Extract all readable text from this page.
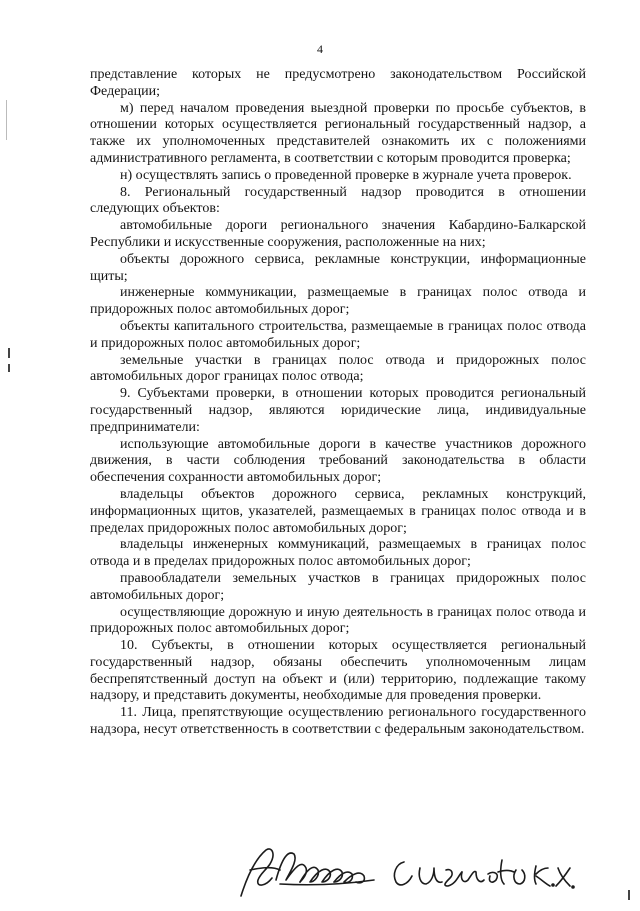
4

представление которых не предусмотрено законодательством Российской Федерации;

м) перед началом проведения выездной проверки по просьбе субъектов, в отношении которых осуществляется региональный государственный надзор, а также их уполномоченных представителей ознакомить их с положениями административного регламента, в соответствии с которым проводится проверка;

н) осуществлять запись о проведенной проверке в журнале учета проверок.

8. Региональный государственный надзор проводится в отношении следующих объектов:

автомобильные дороги регионального значения Кабардино-Балкарской Республики и искусственные сооружения, расположенные на них;

объекты дорожного сервиса, рекламные конструкции, информационные щиты;

инженерные коммуникации, размещаемые в границах полос отвода и придорожных полос автомобильных дорог;

объекты капитального строительства, размещаемые в границах полос отвода и придорожных полос автомобильных дорог;

земельные участки в границах полос отвода и придорожных полос автомобильных дорог границах полос отвода;

9. Субъектами проверки, в отношении которых проводится региональный государственный надзор, являются юридические лица, индивидуальные предприниматели:

использующие автомобильные дороги в качестве участников дорожного движения, в части соблюдения требований законодательства в области обеспечения сохранности автомобильных дорог;

владельцы объектов дорожного сервиса, рекламных конструкций, информационных щитов, указателей, размещаемых в границах полос отвода и в пределах придорожных полос автомобильных дорог;

владельцы инженерных коммуникаций, размещаемых в границах полос отвода и в пределах придорожных полос автомобильных дорог;

правообладатели земельных участков в границах придорожных полос автомобильных дорог;

осуществляющие дорожную и иную деятельность в границах полос отвода и придорожных полос автомобильных дорог;

10. Субъекты, в отношении которых осуществляется региональный государственный надзор, обязаны обеспечить уполномоченным лицам беспрепятственный доступ на объект и (или) территорию, подлежащие такому надзору, и представить документы, необходимые для проведения проверки.

11. Лица, препятствующие осуществлению регионального государственного надзора, несут ответственность в соответствии с федеральным законодательством.
